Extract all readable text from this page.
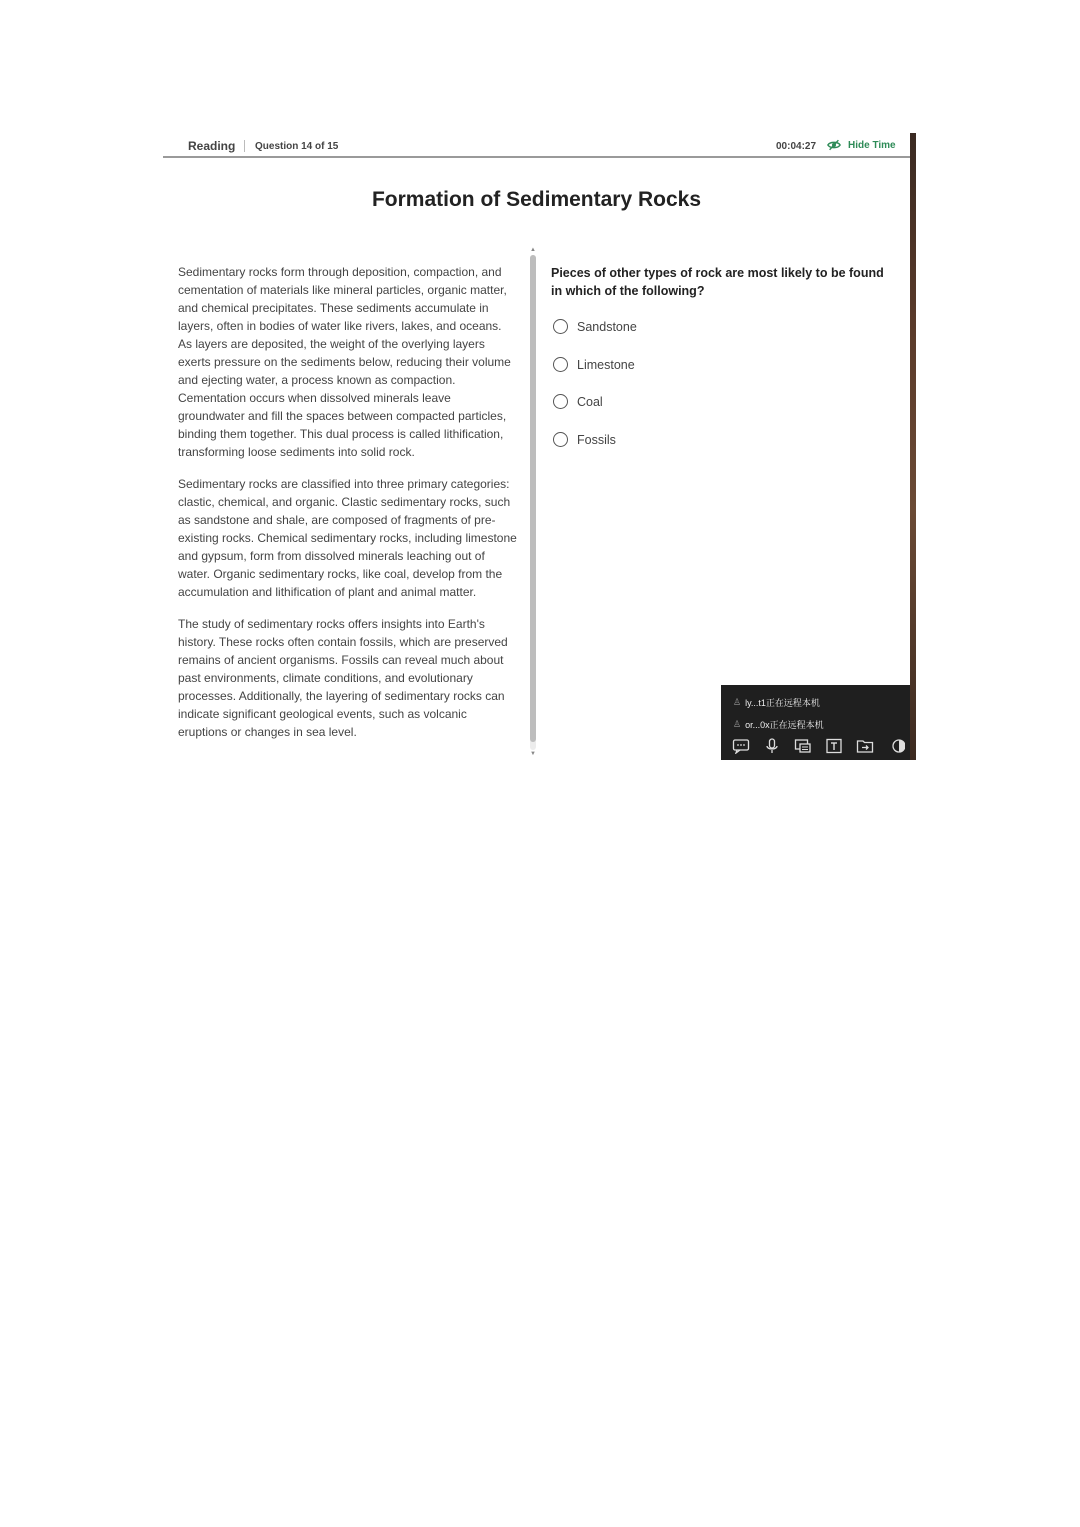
Reading Question 14 of 15	00:04:27	Hide Time
Formation of Sedimentary Rocks

Sedimentary rocks form through deposition, compaction, and cementation of materials like mineral particles, organic matter, and chemical precipitates. These sediments accumulate in layers, often in bodies of water like rivers, lakes, and oceans. As layers are deposited, the weight of the overlying layers exerts pressure on the sediments below, reducing their volume and ejecting water, a process known as compaction. Cementation occurs when dissolved minerals leave groundwater and fill the spaces between compacted particles, binding them together. This dual process is called lithification, transforming loose sediments into solid rock.

Sedimentary rocks are classified into three primary categories: clastic, chemical, and organic. Clastic sedimentary rocks, such as sandstone and shale, are composed of fragments of pre-existing rocks. Chemical sedimentary rocks, including limestone and gypsum, form from dissolved minerals leaching out of water. Organic sedimentary rocks, like coal, develop from the accumulation and lithification of plant and animal matter.

The study of sedimentary rocks offers insights into Earth's history. These rocks often contain fossils, which are preserved remains of ancient organisms. Fossils can reveal much about past environments, climate conditions, and evolutionary processes. Additionally, the layering of sedimentary rocks can indicate significant geological events, such as volcanic eruptions or changes in sea level.

▲
▼
Pieces of other types of rock are most likely to be found in which of the following?
Sandstone
Limestone
Coal
Fossils
♙ ly...t1正在远程本机
♙ or...0x正在远程本机
